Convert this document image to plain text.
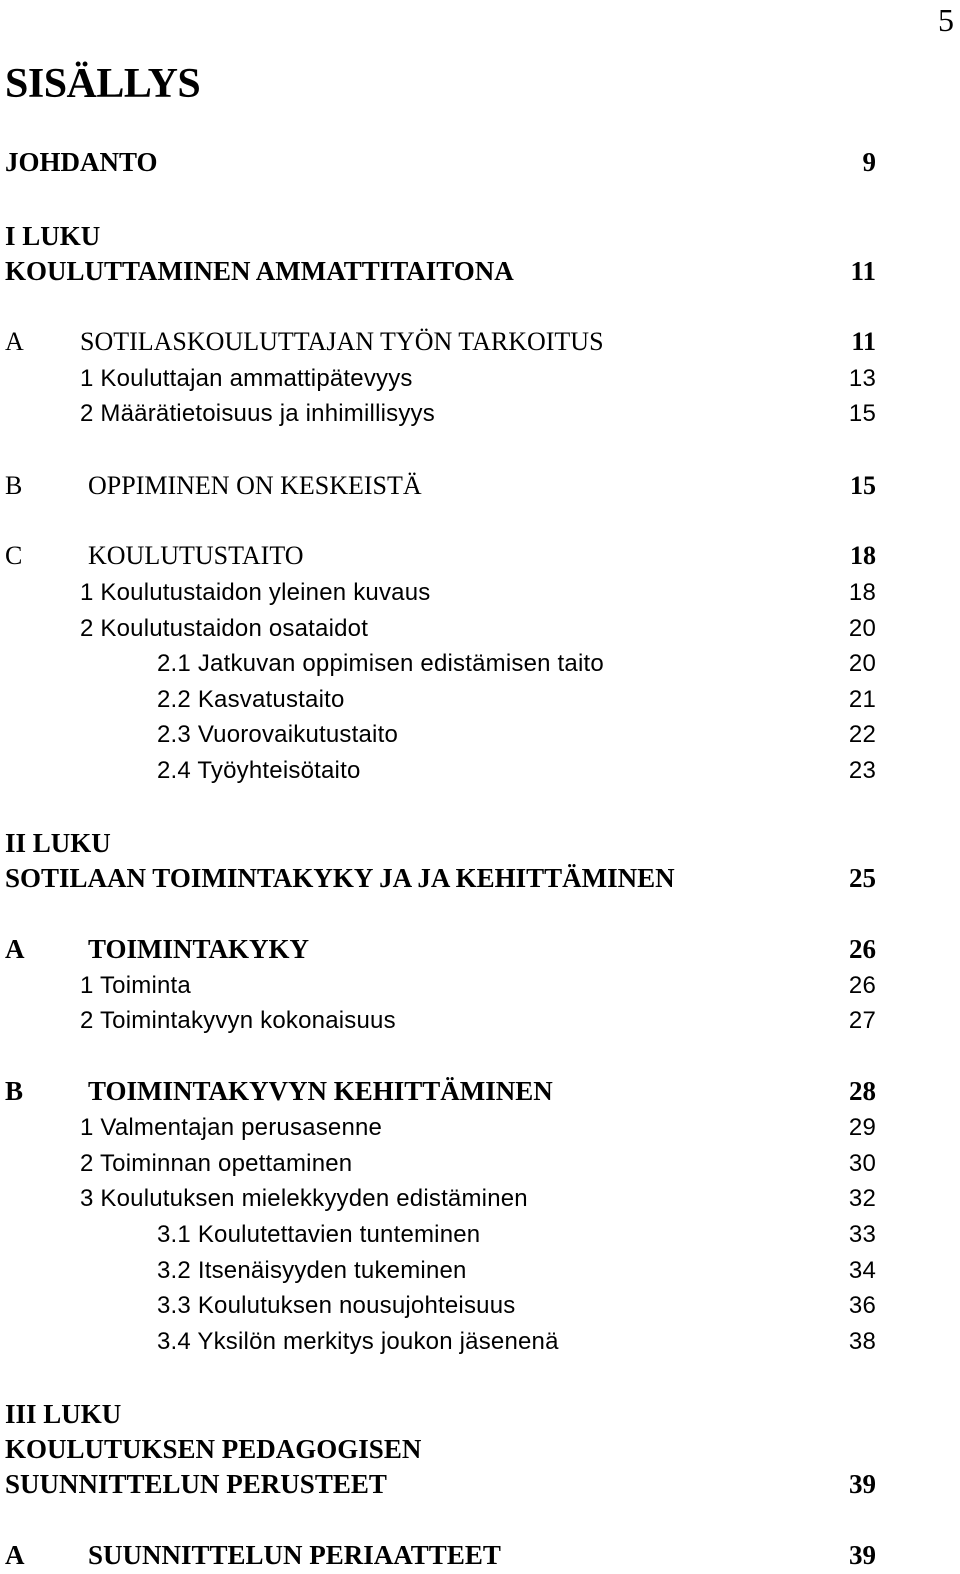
5
SISÄLLYS
JOHDANTO	9
I LUKU
KOULUTTAMINEN AMMATTITAITONA	11
A SOTILASKOULUTTAJAN TYÖN TARKOITUS	11
1 Kouluttajan ammattipätevyys	13
2 Määrätietoisuus ja inhimillisyys	15
B	OPPIMINEN ON KESKEISTÄ	15
C	KOULUTUSTAITO	18
1 Koulutustaidon yleinen kuvaus	18
2 Koulutustaidon osataidot	20
2.1 Jatkuvan oppimisen edistämisen taito	20
2.2 Kasvatustaito	21
2.3 Vuorovaikutustaito	22
2.4 Työyhteisötaito	23
II LUKU
SOTILAAN TOIMINTAKYKY JA JA KEHITTÄMINEN	25
A TOIMINTAKYKY	26
1 Toiminta	26
2 Toimintakyvyn kokonaisuus	27
B TOIMINTAKYVYN KEHITTÄMINEN	28
1 Valmentajan perusasenne	29
2 Toiminnan opettaminen	30
3 Koulutuksen mielekkyyden edistäminen	32
3.1 Koulutettavien tunteminen	33
3.2 Itsenäisyyden tukeminen	34
3.3 Koulutuksen nousujohteisuus	36
3.4 Yksilön merkitys joukon jäsenenä	38
III LUKU
KOULUTUKSEN PEDAGOGISEN
SUUNNITTELUN PERUSTEET	39
A SUUNNITTELUN PERIAATTEET	39
